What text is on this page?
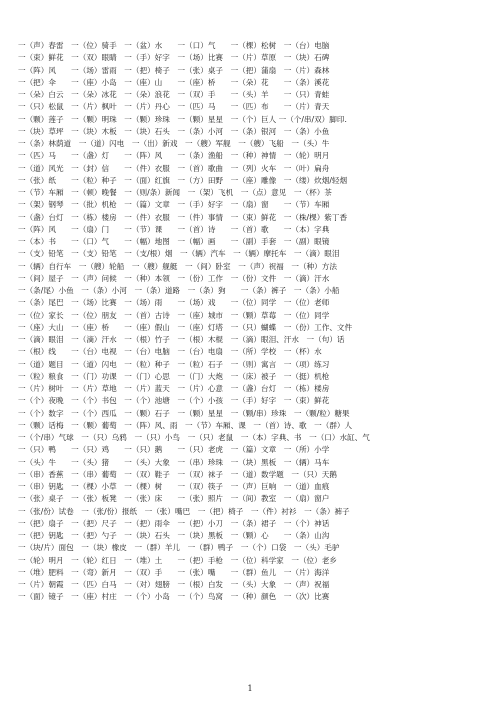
一（声）春雷　一（位）骑手　一（盆）水　　一（口）气　　一（棵）松树　一（台）电脑
一（束）鲜花　一（双）眼睛　一（手）好字　一（场）比赛　一（片）草原　一（块）石碑
一（阵）风　　一（场）雷雨　一（把）椅子　一（张）桌子　一（把）蒲扇　一（片）森林
一（把）伞　　一（座）小岛　一（座）山　　一（座）桥　　一（朵）花　　一（条）溪花
一（朵）白云　一（朵）冰花　一（朵）浪花　一（双）手　　一（头）羊　　一（只）青蛙
一（只）松鼠　一（片）枫叶　一（片）丹心　一（匹）马　　一（匹）布　　一（片）青天
一（颗）莲子　一（颗）明珠　一（颗）珍珠　一（颗）星星　一（个）巨人 一（个/串/双）脚印.
一（块）草坪　一（块）木板　一（块）石头　一（条）小河　一（条）银河　一（条）小鱼
一（条）林荫道　一（道）闪电　一（出）新戏　一（艘）军舰　一（艘）飞船　一（头）牛
一（匹）马　　一（盏）灯　　一（阵）风　　一（条）渔船　一（种）神情　一（轮）明月
一（道）风光　一（封）信　　一（件）衣服　一（首）歌曲　一（列）火车　一（叶）扁舟
一（张）纸　　一（粒）种子　一（面）红旗　一（方）田野　一（座）雕像　一（缕）炊烟/轻烟
一（节）车厢　一（顿）晚餐　一（则/条）新闻　一（架）飞机　一（点）意见　一（杯）茶
一（架）钢琴　一（批）机枪　一（篇）文章　一（手）好字　一（扇）窗　　一（节）车厢
一（盏）台灯　一（栋）楼房　一（件）衣服　一（件）事情　一（束）鲜花　一（株/棵）紫丁香
一（阵）风　　一（扇）门　　一（节）课　　一（首）诗　　一（首）歌　　一（本）字典
一（本）书　　一（口）气　　一（幅）地图　一（幅）画　　一（副）手套　一（副）眼镜
一（支）铅笔　一（支）铅笔　一（支/根）烟　一（辆）汽车　一（辆）摩托车　一（滴）眼泪
一（辆）自行车　一（艘）轮船　一（艘）舰艇　一（间）卧室　一（声）祝福　一（种）方法
一（间）屋子　一（声）问候　一（种）本领　一（份）工作　一（份）文件　一（滴）汗水
一（条/尾）小鱼　一（条）小河　一（条）道路　一（条）狗　　一（条）裤子　一（条）小船
一（条）尾巴　一（场）比赛　一（场）雨　　一（场）戏　　一（位）同学　一（位）老师
一（位）家长　一（位）朋友　一（首）古诗　一（座）城市　一（颗）草莓　一（位）同学
一（座）大山　一（座）桥　　一（座）假山　一（座）灯塔　一（只）蝴蝶　一（份）工作、文件
一（滴）眼泪　一（滴）汗水　一（根）竹子　一（根）木棍　一（滴）眼泪、汗水　一（句）话
一（根）线　　一（台）电视　一（台）电脑　一（台）电扇　一（所）学校　一（杯）水
一（道）题目　一（道）闪电　一（粒）种子　一（粒）石子　一（则）寓言　一（项）练习
一（粒）粮食　一（门）功课　一（门）心思　一（门）大炮　一（床）被子　一（挺）机枪
一（片）树叶　一（片）草地　一（片）蓝天　一（片）心意　一（盏）台灯　一（栋）楼房
一（个）夜晚　一（个）书包　一（个）池塘　一（个）小孩　一（手）好字　一（束）鲜花
一（个）数字　一（个）西瓜　一（颗）石子　一（颗）星星　一（颗/串）珍珠　一（颗/粒）糖果
一（颗）话梅　一（颗）葡萄　一（阵）风、雨　一（节）车厢、课　一（首）诗、歌　一（群）人
一（个/串）气球　一（只）乌鸦　一（只）小鸟　一（只）老鼠　一（本）字典、书　一（口）水缸、气
一（只）鸭　　一（只）鸡　　一（只）鹅　　一（只）老虎　一（篇）文章　一（所）小学
一（头）牛　　一（头）猪　　一（头）大象　一（串）珍珠　一（块）黑板　一（辆）马车
一（串）香蕉　一（串）葡萄　一（双）鞋子　一（双）袜子　一（道）数学题　一（只）天鹅
一（串）钥匙　一（棵）小草　一（棵）树　　一（双）筷子　一（声）巨响　一（道）血痕
一（张）桌子　一（张）板凳　一（张）床　　一（张）照片　一（间）教室　一（扇）窗户
一（张/份）试卷　一（张/份）报纸　一（张）嘴巴　一（把）椅子　一（件）衬衫　一（条）裤子
一（把）扇子　一（把）尺子　一（把）雨伞　一（把）小刀　一（条）裙子　一（个）神话
一（把）钥匙　一（把）勺子　一（块）石头　一（块）黑板　一（颗）心　　一（条）山沟
一（块/片）面包　一（块）橡皮　一（群）羊儿　一（群）鸭子　一（个）口袋　一（头）毛驴
一（轮）明月　一（轮）红日　一（堆）土　　一（把）手枪　一（位）科学家　一（位）老乡
一（堆）肥料　一（弯）新月　一（双）手　　一（张）嘴　　一（群）鱼儿　一（片）海洋
一（片）朝霞　一（匹）白马　一（对）翅膀　一（根）白发　一（头）大象　一（声）祝福
一（面）镜子　一（座）村庄　一（个）小岛　一（个）鸟窝　一（种）颜色　一（次）比赛
1
